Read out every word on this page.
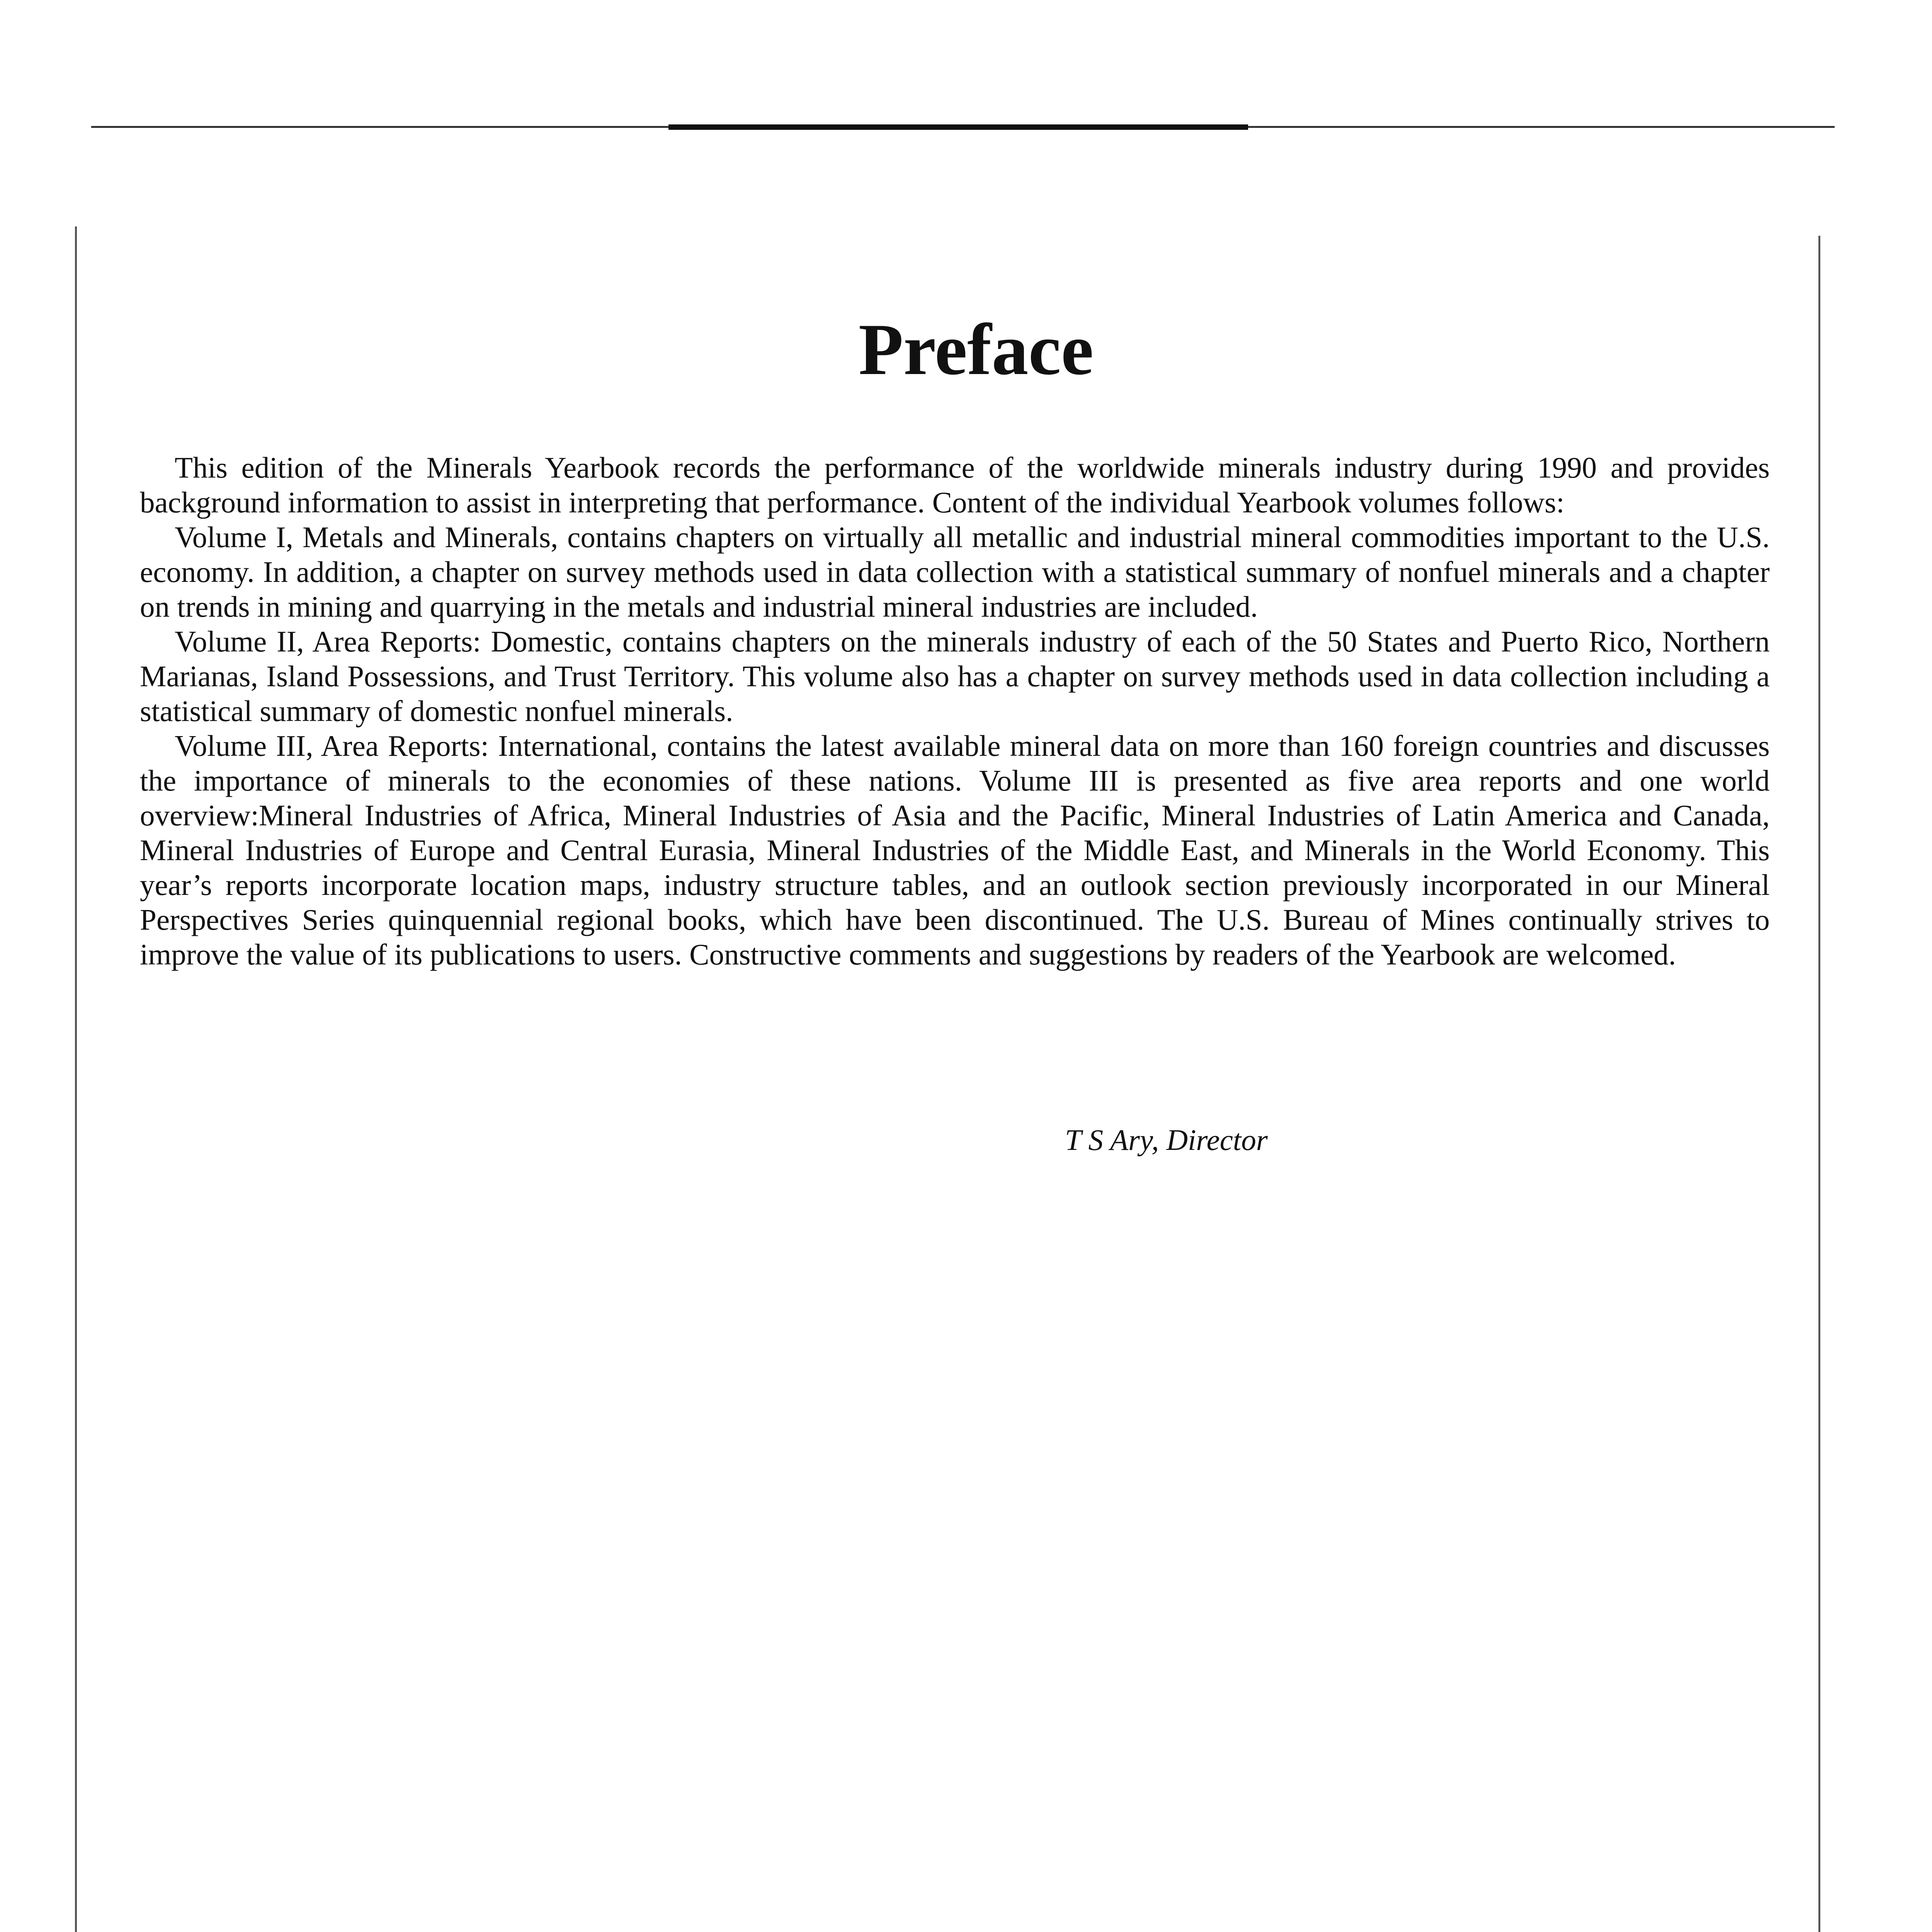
Preface

This edition of the Minerals Yearbook records the performance of the worldwide minerals industry during 1990 and provides background information to assist in interpreting that performance. Content of the individual Yearbook volumes follows:

Volume I, Metals and Minerals, contains chapters on virtually all metallic and industrial mineral commodities important to the U.S. economy. In addition, a chapter on survey methods used in data collection with a statistical summary of nonfuel minerals and a chapter on trends in mining and quarrying in the metals and industrial mineral industries are included.

Volume II, Area Reports: Domestic, contains chapters on the minerals industry of each of the 50 States and Puerto Rico, Northern Marianas, Island Possessions, and Trust Territory. This volume also has a chapter on survey methods used in data collection including a statistical summary of domestic nonfuel minerals.

Volume III, Area Reports: International, contains the latest available mineral data on more than 160 foreign countries and discusses the importance of minerals to the economies of these nations. Volume III is presented as five area reports and one world overview:Mineral Industries of Africa, Mineral Industries of Asia and the Pacific, Mineral Industries of Latin America and Canada, Mineral Industries of Europe and Central Eurasia, Mineral Industries of the Middle East, and Minerals in the World Economy. This year’s reports incorporate location maps, industry structure tables, and an outlook section previously incorporated in our Mineral Perspectives Series quinquennial regional books, which have been discontinued. The U.S. Bureau of Mines continually strives to improve the value of its publications to users. Constructive comments and suggestions by readers of the Yearbook are welcomed.

T S Ary, Director
